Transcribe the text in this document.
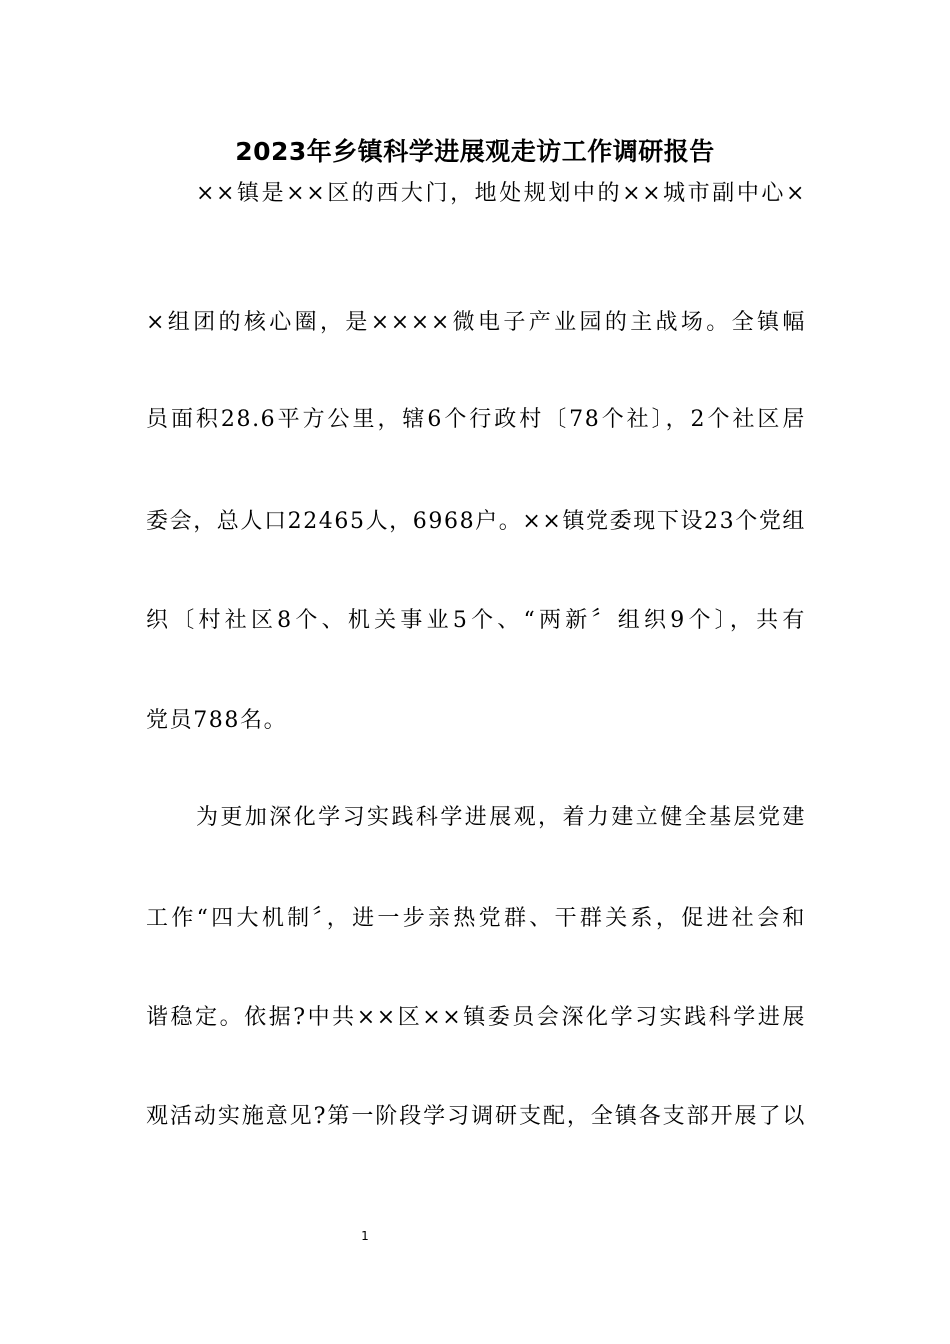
2023年乡镇科学进展观走访工作调研报告
××镇是××区的西大门，地处规划中的××城市副中心×
×组团的核心圈，是××××微电子产业园的主战场。全镇幅
员面积28.6平方公里，辖6个行政村〔78个社〕，2个社区居
委会，总人口22465人，6968户。××镇党委现下设23个党组
织〔村社区8个、机关事业5个、“两新〞组织9个〕，共有
党员788名。
为更加深化学习实践科学进展观，着力建立健全基层党建
工作“四大机制〞，进一步亲热党群、干群关系，促进社会和
谐稳定。依据?中共××区××镇委员会深化学习实践科学进展
观活动实施意见?第一阶段学习调研支配，全镇各支部开展了以
1
